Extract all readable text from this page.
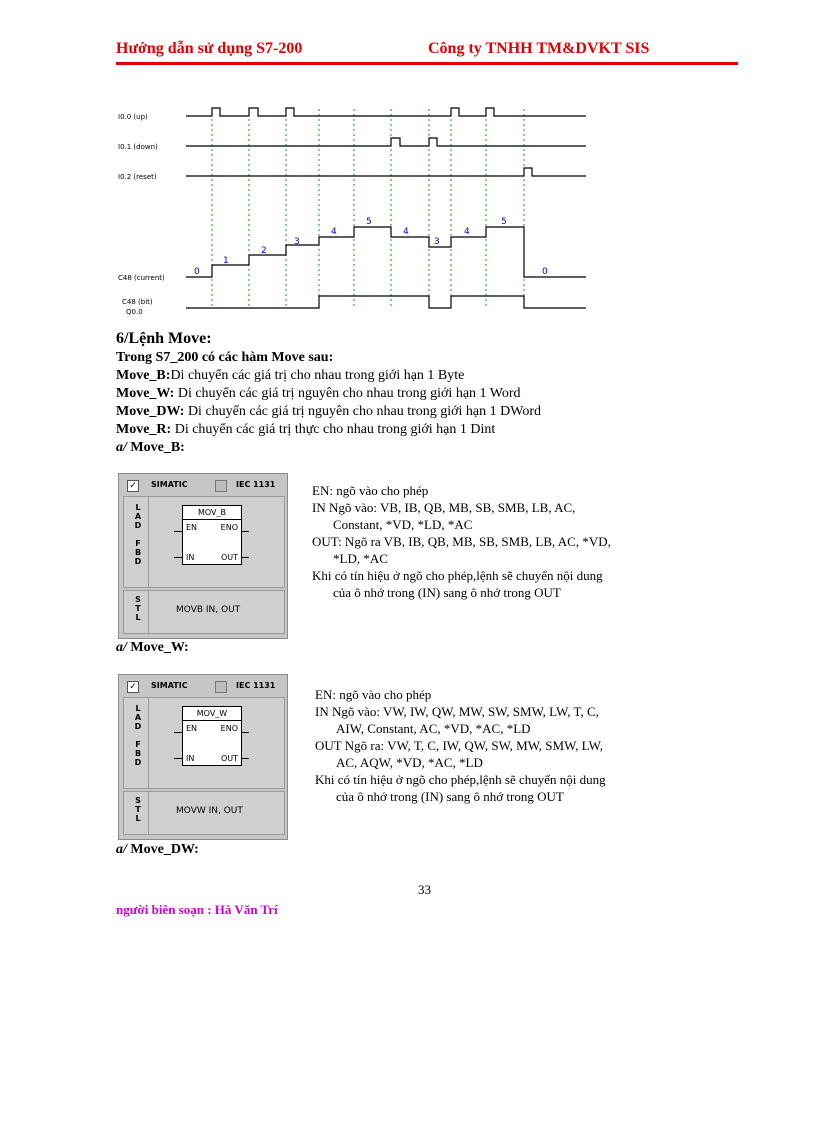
Hướng dẫn sử dụng S7-200	Công ty TNHH TM&DVKT SIS
I0.0 (up)
I0.1 (down)
I0.2 (reset)
C48 (current)
C48 (bit)
Q0.0
0
1
2
3
4
5
4
3
4
5
0
6/Lệnh Move:
Trong S7_200 có các hàm Move sau:
Move_B:Di chuyển các giá trị cho nhau trong giới hạn 1 Byte
Move_W: Di chuyển các giá trị nguyên cho nhau trong giới hạn 1 Word
Move_DW: Di chuyển các giá trị nguyên cho nhau trong giới hạn 1 DWord
Move_R: Di chuyển các giá trị thực cho nhau trong giới hạn 1 Dint
a/ Move_B:
✓ SIMATIC	IEC 1131
L A D
F B D
MOV_B
EN	ENO
IN	OUT
S T L
MOVB IN, OUT

EN: ngõ vào cho phép

IN Ngõ vào: VB, IB, QB, MB, SB, SMB, LB, AC,

Constant, *VD, *LD, *AC

OUT: Ngõ ra VB, IB, QB, MB, SB, SMB, LB, AC, *VD,

*LD, *AC

Khi có tín hiệu ở ngõ cho phép,lệnh sẽ chuyển nội dung

của ô nhớ trong (IN) sang ô nhớ trong OUT

a/ Move_W:
✓ SIMATIC	IEC 1131
L A D
F B D
MOV_W
EN	ENO
IN	OUT
S T L
MOVW IN, OUT

EN: ngõ vào cho phép

IN Ngõ vào: VW, IW, QW, MW, SW, SMW, LW, T, C,

AIW, Constant, AC, *VD, *AC, *LD

OUT Ngõ ra: VW, T, C, IW, QW, SW, MW, SMW, LW,

AC, AQW, *VD, *AC, *LD

Khi có tín hiệu ở ngõ cho phép,lệnh sẽ chuyển nội dung

của ô nhớ trong (IN) sang ô nhớ trong OUT

a/ Move_DW:
33
người biên soạn : Hà Văn Trí
